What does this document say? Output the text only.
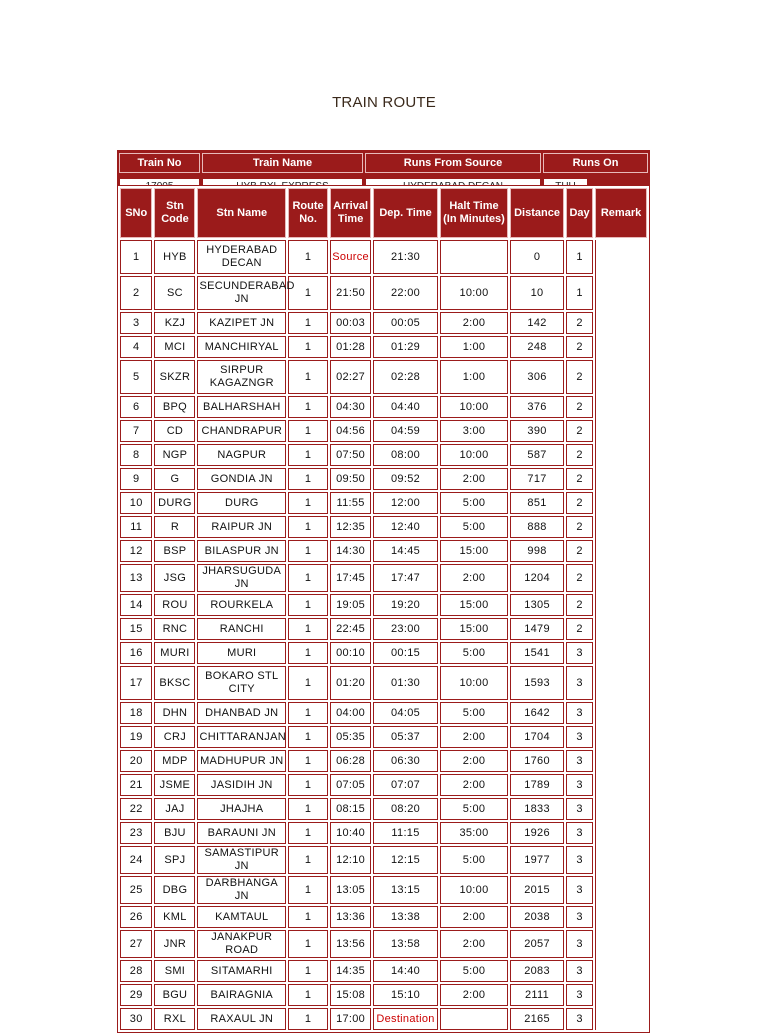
TRAIN ROUTE
Train No	Train Name	Runs From Source	Runs On
SNo	Stn Code	Stn Name	Route No.	Arrival Time	Dep. Time	Halt Time (In Minutes)	Distance	Day	Remark
1	HYB	HYDERABAD DECAN	1	Source	21:30		0	1	
2	SC	SECUNDERABAD JN	1	21:50	22:00	10:00	10	1	
3	KZJ	KAZIPET JN	1	00:03	00:05	2:00	142	2	
4	MCI	MANCHIRYAL	1	01:28	01:29	1:00	248	2	
5	SKZR	SIRPUR KAGAZNGR	1	02:27	02:28	1:00	306	2	
6	BPQ	BALHARSHAH	1	04:30	04:40	10:00	376	2	
7	CD	CHANDRAPUR	1	04:56	04:59	3:00	390	2	
8	NGP	NAGPUR	1	07:50	08:00	10:00	587	2	
9	G	GONDIA JN	1	09:50	09:52	2:00	717	2	
10	DURG	DURG	1	11:55	12:00	5:00	851	2	
11	R	RAIPUR JN	1	12:35	12:40	5:00	888	2	
12	BSP	BILASPUR JN	1	14:30	14:45	15:00	998	2	
13	JSG	JHARSUGUDA JN	1	17:45	17:47	2:00	1204	2	
14	ROU	ROURKELA	1	19:05	19:20	15:00	1305	2	
15	RNC	RANCHI	1	22:45	23:00	15:00	1479	2	
16	MURI	MURI	1	00:10	00:15	5:00	1541	3	
17	BKSC	BOKARO STL CITY	1	01:20	01:30	10:00	1593	3	
18	DHN	DHANBAD JN	1	04:00	04:05	5:00	1642	3	
19	CRJ	CHITTARANJAN	1	05:35	05:37	2:00	1704	3	
20	MDP	MADHUPUR JN	1	06:28	06:30	2:00	1760	3	
21	JSME	JASIDIH JN	1	07:05	07:07	2:00	1789	3	
22	JAJ	JHAJHA	1	08:15	08:20	5:00	1833	3	
23	BJU	BARAUNI JN	1	10:40	11:15	35:00	1926	3	
24	SPJ	SAMASTIPUR JN	1	12:10	12:15	5:00	1977	3	
25	DBG	DARBHANGA JN	1	13:05	13:15	10:00	2015	3	
26	KML	KAMTAUL	1	13:36	13:38	2:00	2038	3	
27	JNR	JANAKPUR ROAD	1	13:56	13:58	2:00	2057	3	
28	SMI	SITAMARHI	1	14:35	14:40	5:00	2083	3	
29	BGU	BAIRAGNIA	1	15:08	15:10	2:00	2111	3	
30	RXL	RAXAUL JN	1	17:00	Destination		2165	3	
